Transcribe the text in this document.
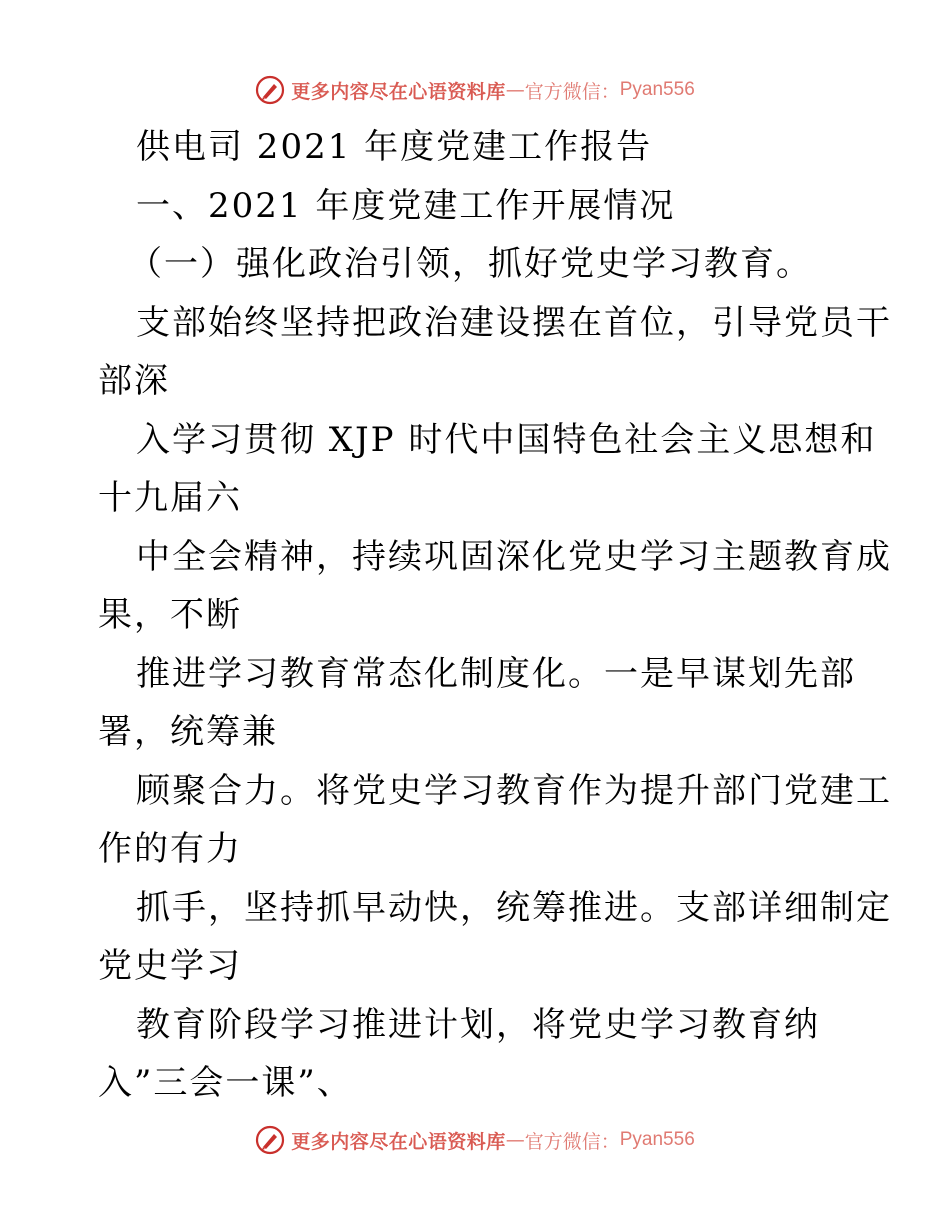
更多内容尽在心语资料库 — 官方微信： Pyan556
供电司 2021 年度党建工作报告
一、2021 年度党建工作开展情况
（一）强化政治引领，抓好党史学习教育。
支部始终坚持把政治建设摆在首位，引导党员干
部深
入学习贯彻 XJP 时代中国特色社会主义思想和
十九届六
中全会精神，持续巩固深化党史学习主题教育成
果，不断
推进学习教育常态化制度化。一是早谋划先部
署，统筹兼
顾聚合力。将党史学习教育作为提升部门党建工
作的有力
抓手，坚持抓早动快，统筹推进。支部详细制定
党史学习
教育阶段学习推进计划，将党史学习教育纳
入”三会一课”、
更多内容尽在心语资料库 — 官方微信： Pyan556
